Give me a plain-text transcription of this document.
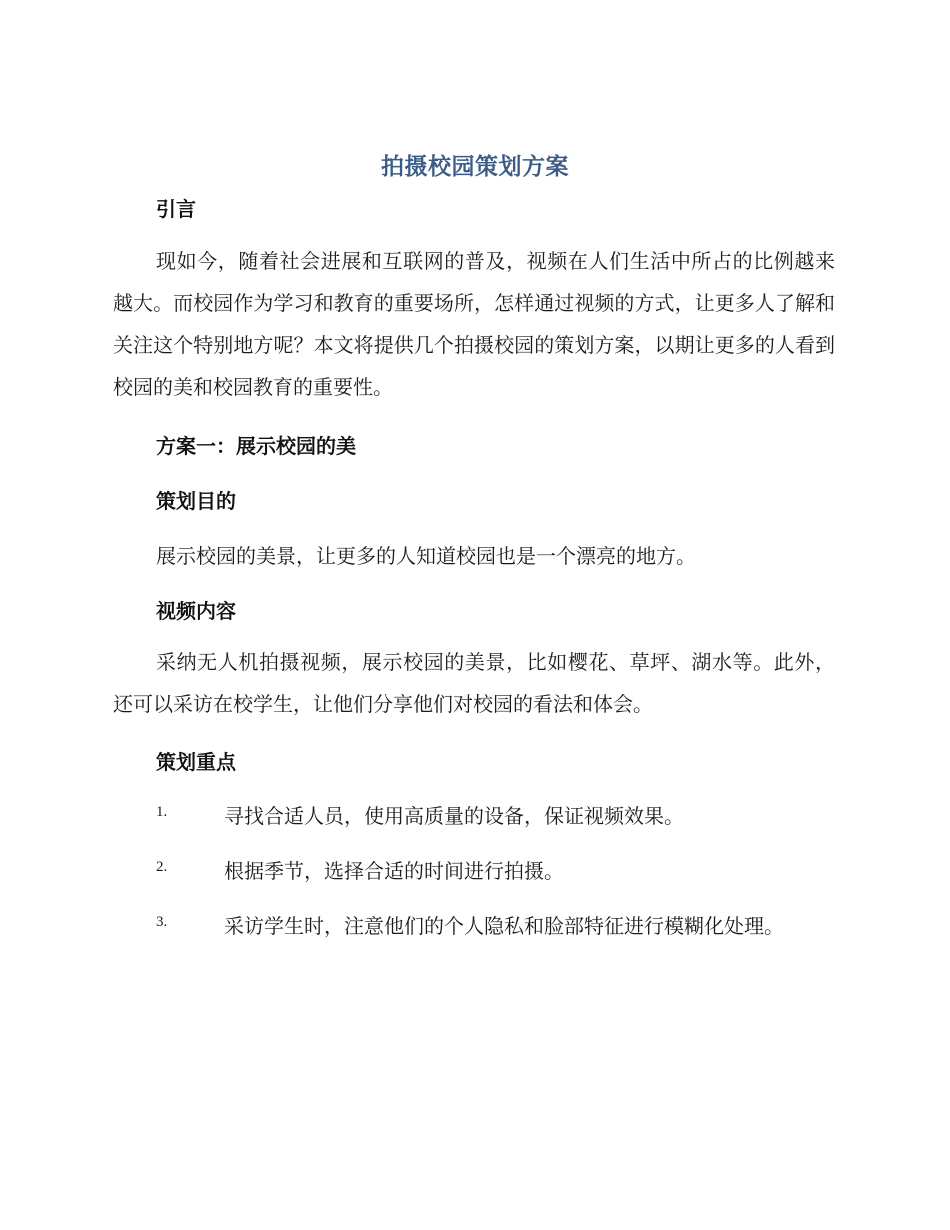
拍摄校园策划方案
引言
现如今，随着社会进展和互联网的普及，视频在人们生活中所占的比例越来越大。而校园作为学习和教育的重要场所，怎样通过视频的方式，让更多人了解和关注这个特别地方呢？本文将提供几个拍摄校园的策划方案，以期让更多的人看到校园的美和校园教育的重要性。
方案一：展示校园的美
策划目的
展示校园的美景，让更多的人知道校园也是一个漂亮的地方。
视频内容
采纳无人机拍摄视频，展示校园的美景，比如樱花、草坪、湖水等。此外，还可以采访在校学生，让他们分享他们对校园的看法和体会。
策划重点
1.	寻找合适人员，使用高质量的设备，保证视频效果。
2.	根据季节，选择合适的时间进行拍摄。
3.	采访学生时，注意他们的个人隐私和脸部特征进行模糊化处理。
